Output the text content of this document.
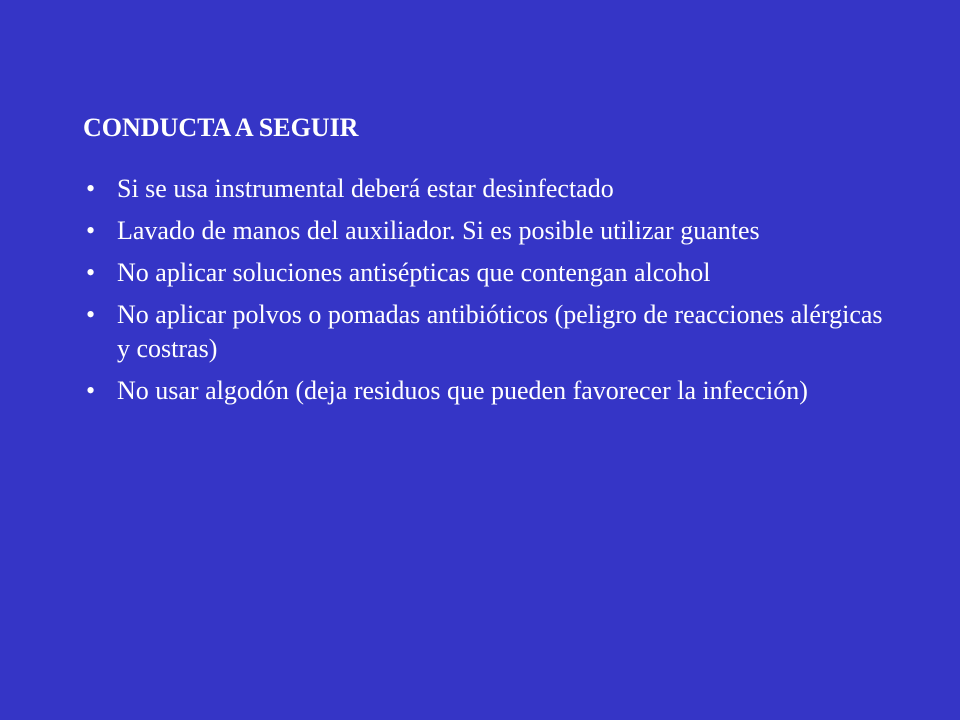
CONDUCTA A SEGUIR
• Si se usa instrumental deberá estar desinfectado
• Lavado de manos del auxiliador. Si es posible utilizar guantes
• No aplicar soluciones antisépticas que contengan alcohol
• No aplicar polvos o pomadas antibióticos (peligro de reacciones alérgicas y costras)
• No usar algodón (deja residuos que pueden favorecer la infección)
